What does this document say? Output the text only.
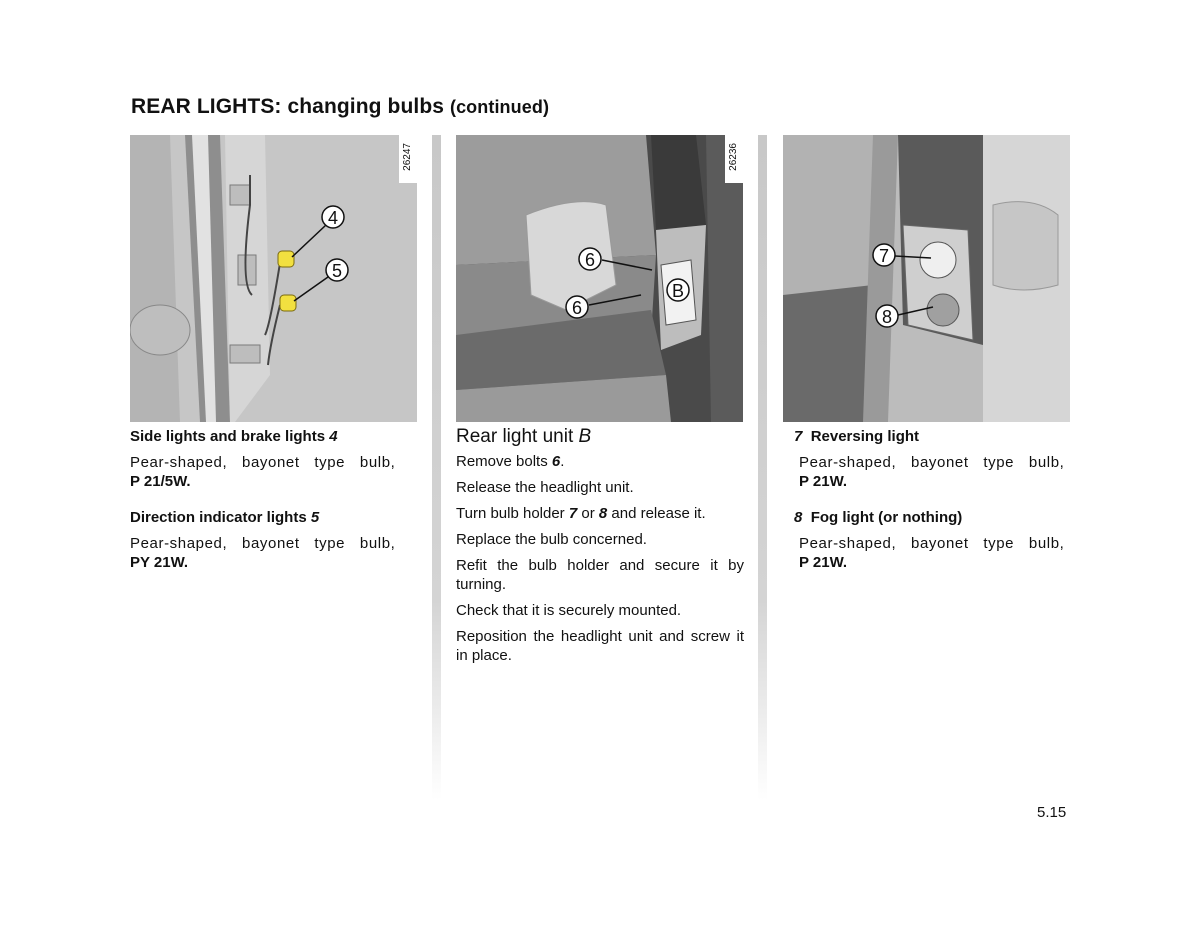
REAR LIGHTS: changing bulbs (continued)
4
5
26247

Side lights and brake lights 4

Pear-shaped, bayonet type bulb,

P 21/5W.

Direction indicator lights 5

Pear-shaped, bayonet type bulb,

PY 21W.

6
6
B
26236

Rear light unit B

Remove bolts 6.

Release the headlight unit.

Turn bulb holder 7 or 8 and release it.

Replace the bulb concerned.

Refit the bulb holder and secure it by turning.

Check that it is securely mounted.

Reposition the headlight unit and screw it in place.

7
8

7 Reversing light

Pear-shaped, bayonet type bulb,

P 21W.

8 Fog light (or nothing)

Pear-shaped, bayonet type bulb,

P 21W.

5.15
